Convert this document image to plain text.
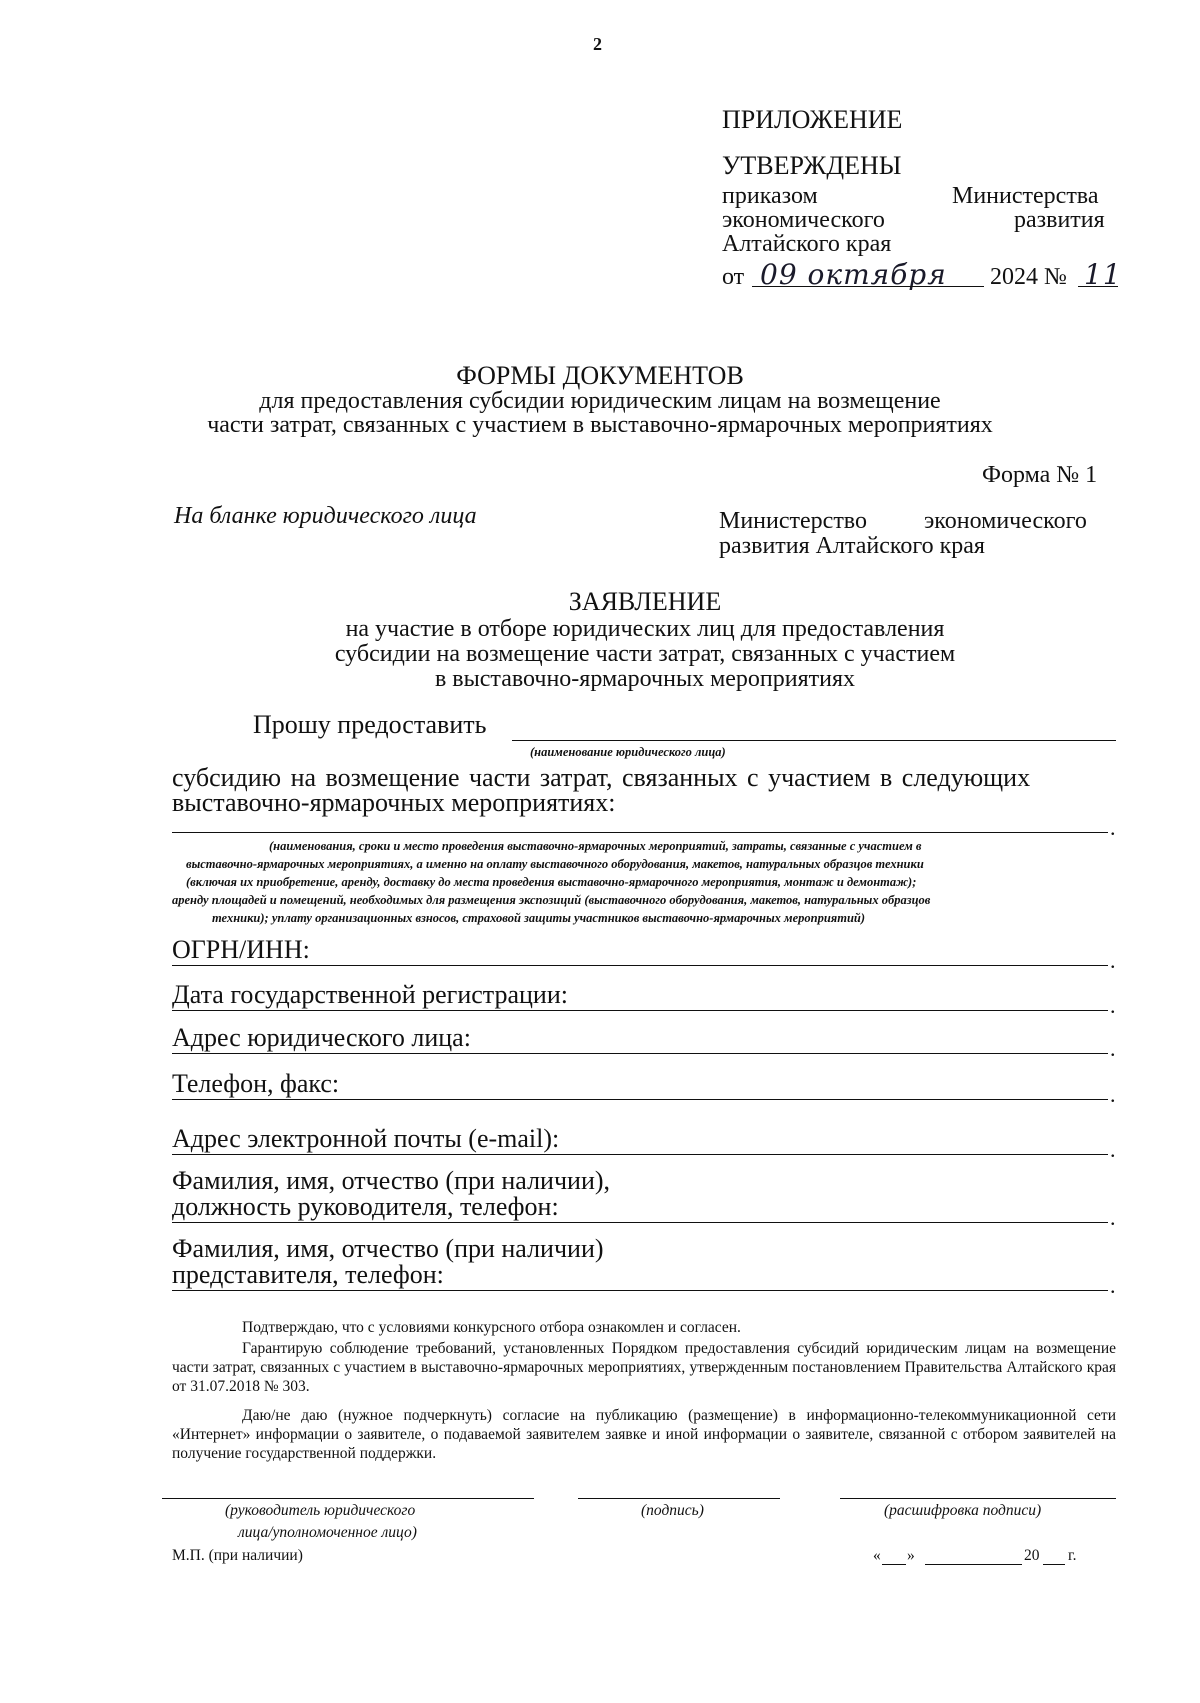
2
ПРИЛОЖЕНИЕ
УТВЕРЖДЕНЫ
приказом	Министерства
экономического	развития
Алтайского края
от 09 октября 2024 № 11
ФОРМЫ ДОКУМЕНТОВ
для предоставления субсидии юридическим лицам на возмещение
части затрат, связанных с участием в выставочно-ярмарочных мероприятиях
Форма № 1
На бланке юридического лица	Министерство экономического
развития Алтайского края
ЗАЯВЛЕНИЕ
на участие в отборе юридических лиц для предоставления
субсидии на возмещение части затрат, связанных с участием
в выставочно-ярмарочных мероприятиях
Прошу предоставить
(наименование юридического лица)
субсидию на возмещение части затрат, связанных с участием в следующих
выставочно-ярмарочных мероприятиях:
.
(наименования, сроки и место проведения выставочно-ярмарочных мероприятий, затраты, связанные с участием в
выставочно-ярмарочных мероприятиях, а именно на оплату выставочного оборудования, макетов, натуральных образцов техники
(включая их приобретение, аренду, доставку до места проведения выставочно-ярмарочного мероприятия, монтаж и демонтаж);
аренду площадей и помещений, необходимых для размещения экспозиций (выставочного оборудования, макетов, натуральных образцов
техники); уплату организационных взносов, страховой защиты участников выставочно-ярмарочных мероприятий)
ОГРН/ИНН:	.
Дата государственной регистрации:	.
Адрес юридического лица:	.
Телефон, факс:	.
Адрес электронной почты (e-mail):	.
Фамилия, имя, отчество (при наличии),
должность руководителя, телефон:	.
Фамилия, имя, отчество (при наличии)
представителя, телефон:	.
Подтверждаю, что с условиями конкурсного отбора ознакомлен и согласен.
Гарантирую соблюдение требований, установленных Порядком предоставления субсидий юридическим лицам на возмещение части затрат, связанных с участием в выставочно-ярмарочных мероприятиях, утвержденным постановлением Правительства Алтайского края от 31.07.2018 № 303.
Даю/не даю (нужное подчеркнуть) согласие на публикацию (размещение) в информационно-телекоммуникационной сети «Интернет» информации о заявителе, о подаваемой заявителем заявке и иной информации о заявителе, связанной с отбором заявителей на получение государственной поддержки.
(руководитель юридического
лица/уполномоченное лицо)
(подпись)	(расшифровка подписи)
М.П. (при наличии)	« »	20 г.
